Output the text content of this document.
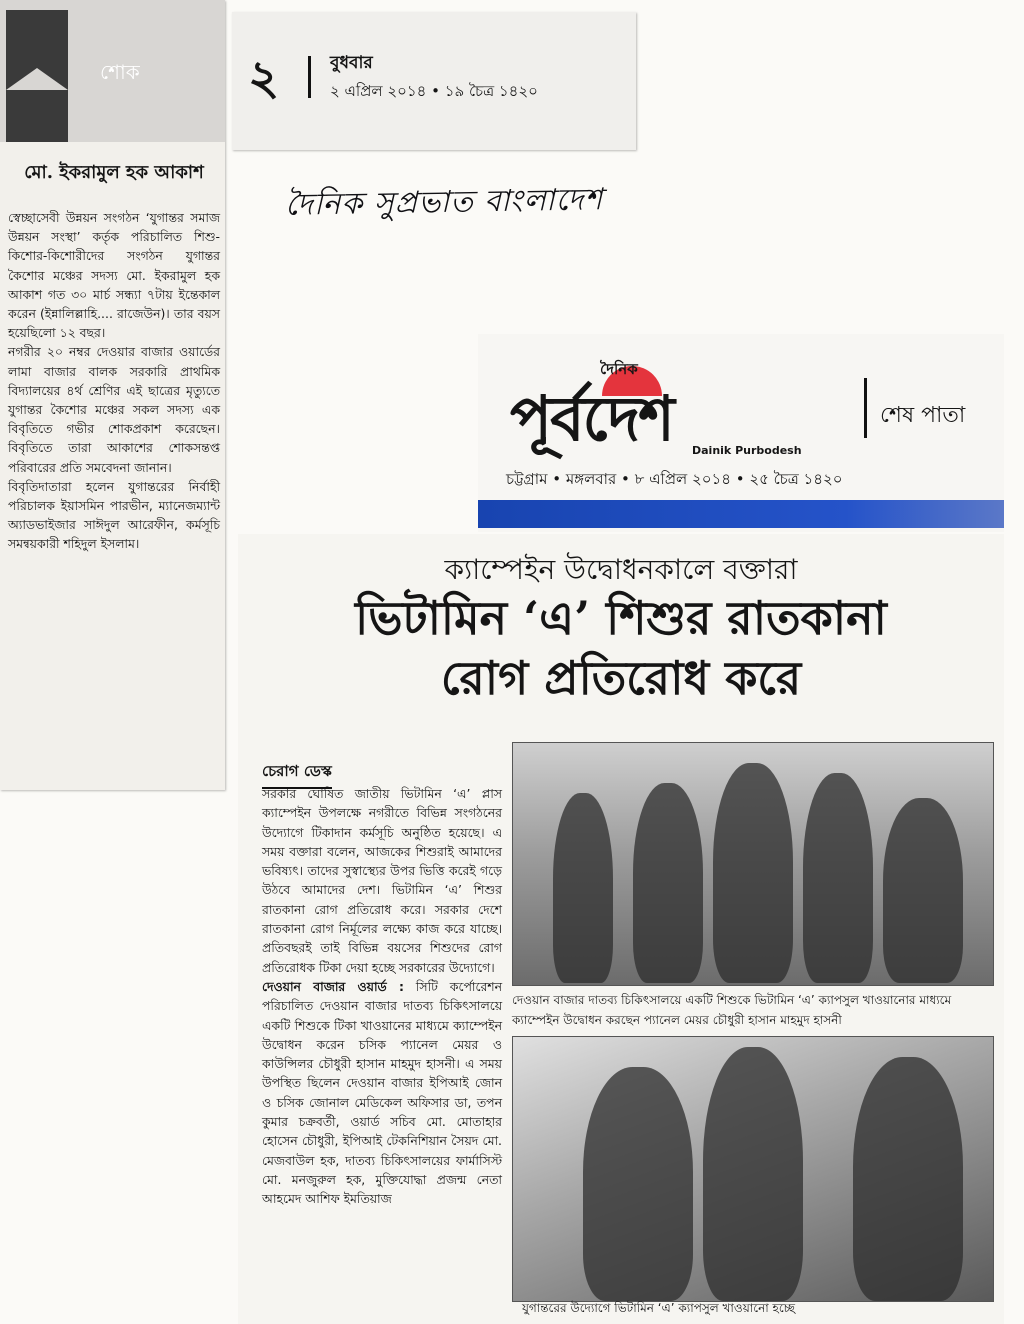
শোক
মো. ইকরামুল হক আকাশ

স্বেচ্ছাসেবী উন্নয়ন সংগঠন ‘যুগান্তর সমাজ উন্নয়ন সংস্থা’ কর্তৃক পরিচালিত শিশু-কিশোর-কিশোরীদের সংগঠন যুগান্তর কৈশোর মঞ্চের সদস্য মো. ইকরামুল হক আকাশ গত ৩০ মার্চ সন্ধ্যা ৭টায় ইন্তেকাল করেন (ইন্নালিল্লাহি.... রাজেউন)। তার বয়স হয়েছিলো ১২ বছর।

নগরীর ২০ নম্বর দেওয়ার বাজার ওয়ার্ডের লামা বাজার বালক সরকারি প্রাথমিক বিদ্যালয়ের ৪র্থ শ্রেণির এই ছাত্রের মৃত্যুতে যুগান্তর কৈশোর মঞ্চের সকল সদস্য এক বিবৃতিতে গভীর শোকপ্রকাশ করেছেন। বিবৃতিতে তারা আকাশের শোকসন্তপ্ত পরিবারের প্রতি সমবেদনা জানান।

বিবৃতিদাতারা হলেন যুগান্তরের নির্বাহী পরিচালক ইয়াসমিন পারভীন, ম্যানেজম্যান্ট অ্যাডভাইজার সাঈদুল আরেফীন, কর্মসূচি সমন্বয়কারী শহিদুল ইসলাম।

২	বুধবার
২ এপ্রিল ২০১৪ • ১৯ চৈত্র ১৪২০
দৈনিক সুপ্রভাত বাংলাদেশ
দৈনিক
পূর্বদেশ Dainik Purbodesh
শেষ পাতা
চট্টগ্রাম • মঙ্গলবার • ৮ এপ্রিল ২০১৪ • ২৫ চৈত্র ১৪২০
ক্যাম্পেইন উদ্বোধনকালে বক্তারা
ভিটামিন ‘এ’ শিশুর রাতকানা
রোগ প্রতিরোধ করে
চেরাগ ডেস্ক

সরকার ঘোষিত জাতীয় ভিটামিন ‘এ’ প্লাস ক্যাম্পেইন উপলক্ষে নগরীতে বিভিন্ন সংগঠনের উদ্যোগে টিকাদান কর্মসূচি অনুষ্ঠিত হয়েছে। এ সময় বক্তারা বলেন, আজকের শিশুরাই আমাদের ভবিষ্যৎ। তাদের সুস্বাস্থ্যের উপর ভিত্তি করেই গড়ে উঠবে আমাদের দেশ। ভিটামিন ‘এ’ শিশুর রাতকানা রোগ প্রতিরোধ করে। সরকার দেশে রাতকানা রোগ নির্মূলের লক্ষ্যে কাজ করে যাচ্ছে। প্রতিবছরই তাই বিভিন্ন বয়সের শিশুদের রোগ প্রতিরোধক টিকা দেয়া হচ্ছে সরকারের উদ্যোগে।

দেওয়ান বাজার ওয়ার্ড : সিটি কর্পোরেশন পরিচালিত দেওয়ান বাজার দাতব্য চিকিৎসালয়ে একটি শিশুকে টিকা খাওয়ানের মাধ্যমে ক্যাম্পেইন উদ্বোধন করেন চসিক প্যানেল মেয়র ও কাউন্সিলর চৌধুরী হাসান মাহমুদ হাসনী। এ সময় উপস্থিত ছিলেন দেওয়ান বাজার ইপিআই জোন ও চসিক জোনাল মেডিকেল অফিসার ডা, তপন কুমার চক্রবর্তী, ওয়ার্ড সচিব মো. মোতাহার হোসেন চৌধুরী, ইপিআই টেকনিশিয়ান সৈয়দ মো. মেজবাউল হক, দাতব্য চিকিৎসালয়ের ফার্মাসিস্ট মো. মনজুরুল হক, মুক্তিযোদ্ধা প্রজন্ম নেতা আহমেদ আশিফ ইমতিয়াজ

দেওয়ান বাজার দাতব্য চিকিৎসালয়ে একটি শিশুকে ভিটামিন ‘এ’ ক্যাপসুল খাওয়ানোর মাধ্যমে ক্যাম্পেইন উদ্বোধন করছেন প্যানেল মেয়র চৌধুরী হাসান মাহমুদ হাসনী
যুগান্তরের উদ্যোগে ভিটামিন ‘এ’ ক্যাপসুল খাওয়ানো হচ্ছে
